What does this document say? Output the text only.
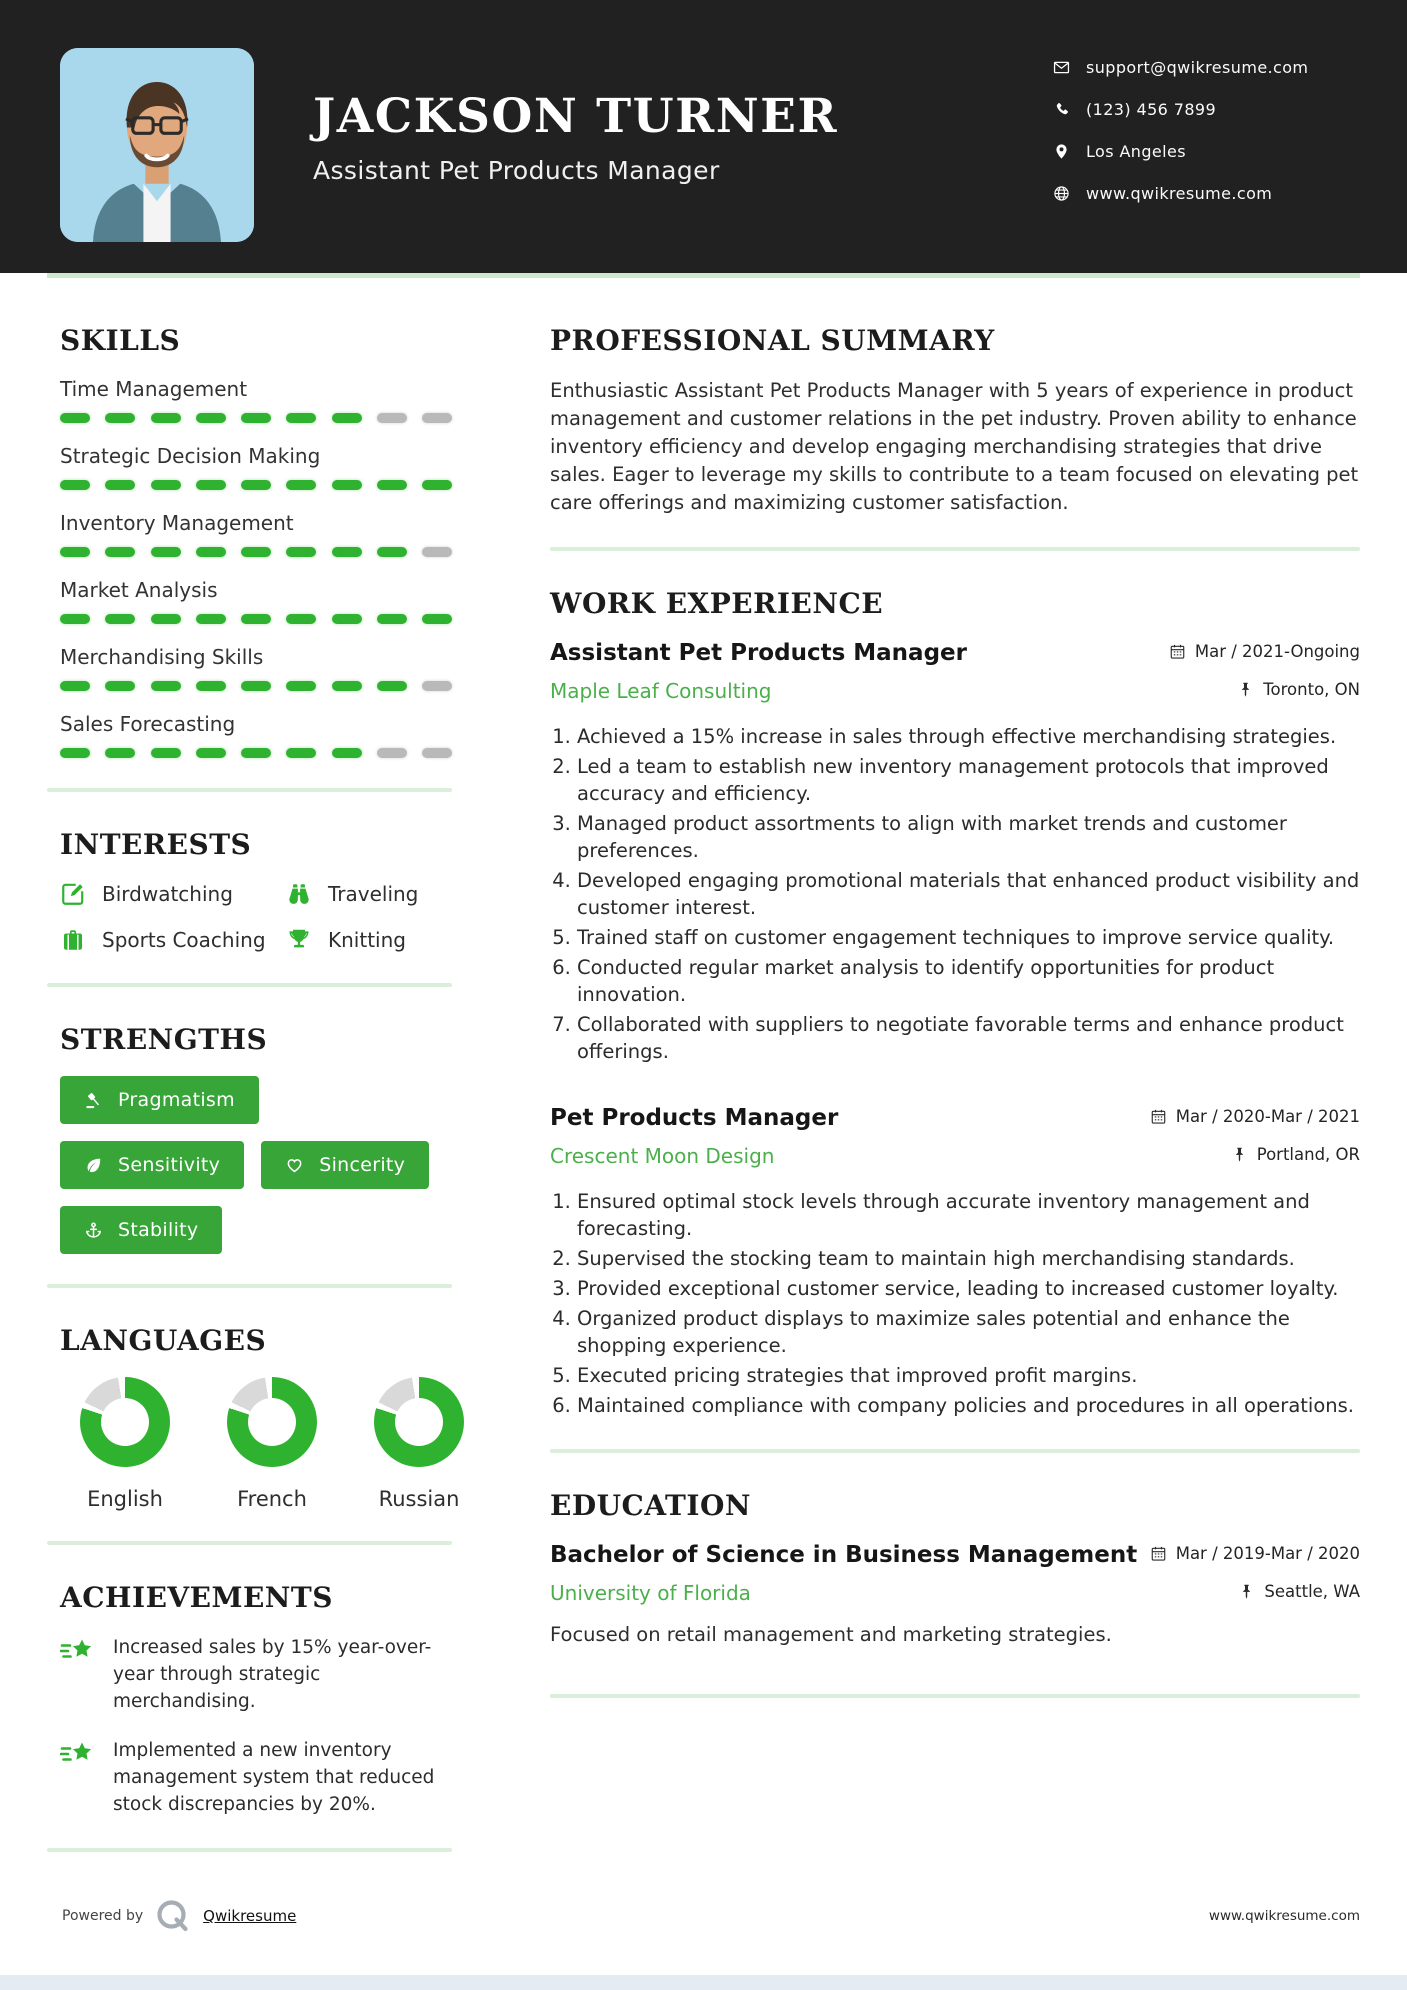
JACKSON TURNER
Assistant Pet Products Manager
support@qwikresume.com
(123) 456 7899
Los Angeles
www.qwikresume.com
SKILLS
Time Management
Strategic Decision Making
Inventory Management
Market Analysis
Merchandising Skills
Sales Forecasting
INTERESTS
Birdwatching	Traveling
Sports Coaching	Knitting
STRENGTHS
Pragmatism
Sensitivity	Sincerity
Stability
LANGUAGES
English	French	Russian
ACHIEVEMENTS

Increased sales by 15% year-over-year through strategic merchandising.

Implemented a new inventory management system that reduced stock discrepancies by 20%.

PROFESSIONAL SUMMARY

Enthusiastic Assistant Pet Products Manager with 5 years of experience in product management and customer relations in the pet industry. Proven ability to enhance inventory efficiency and develop engaging merchandising strategies that drive sales. Eager to leverage my skills to contribute to a team focused on elevating pet care offerings and maximizing customer satisfaction.

WORK EXPERIENCE
Assistant Pet Products Manager	Mar / 2021-Ongoing
Maple Leaf Consulting	Toronto, ON
1. Achieved a 15% increase in sales through effective merchandising strategies.
2. Led a team to establish new inventory management protocols that improved accuracy and efficiency.
3. Managed product assortments to align with market trends and customer preferences.
4. Developed engaging promotional materials that enhanced product visibility and customer interest.
5. Trained staff on customer engagement techniques to improve service quality.
6. Conducted regular market analysis to identify opportunities for product innovation.
7. Collaborated with suppliers to negotiate favorable terms and enhance product offerings.
Pet Products Manager	Mar / 2020-Mar / 2021
Crescent Moon Design	Portland, OR
1. Ensured optimal stock levels through accurate inventory management and forecasting.
2. Supervised the stocking team to maintain high merchandising standards.
3. Provided exceptional customer service, leading to increased customer loyalty.
4. Organized product displays to maximize sales potential and enhance the shopping experience.
5. Executed pricing strategies that improved profit margins.
6. Maintained compliance with company policies and procedures in all operations.
EDUCATION
Bachelor of Science in Business Management Mar / 2019-Mar / 2020
University of Florida	Seattle, WA

Focused on retail management and marketing strategies.

Powered by	Qwikresume	www.qwikresume.com
